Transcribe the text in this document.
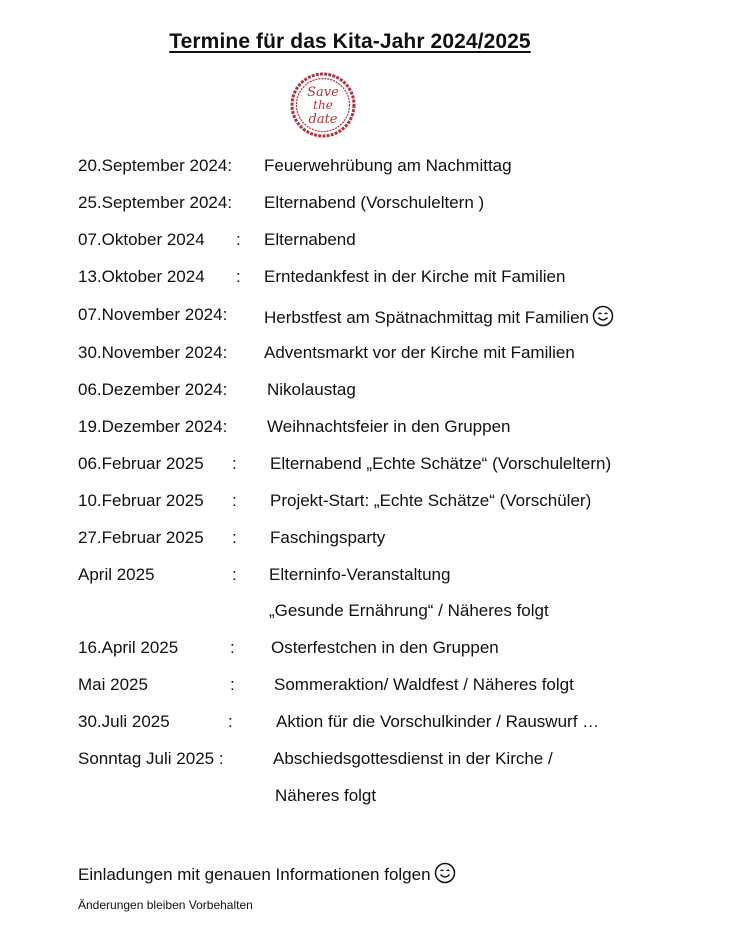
Termine für das Kita-Jahr 2024/2025
Save
the
date
20.September 2024: Feuerwehrübung am Nachmittag
25.September 2024: Elternabend (Vorschuleltern )
07.Oktober 2024 : Elternabend
13.Oktober 2024 : Erntedankfest in der Kirche mit Familien
07.November 2024: Herbstfest am Spätnachmittag mit Familien
30.November 2024: Adventsmarkt vor der Kirche mit Familien
06.Dezember 2024: Nikolaustag
19.Dezember 2024: Weihnachtsfeier in den Gruppen
06.Februar 2025 : Elternabend „Echte Schätze“ (Vorschuleltern)
10.Februar 2025 : Projekt-Start: „Echte Schätze“ (Vorschüler)
27.Februar 2025 : Faschingsparty
April 2025	: Elterninfo-Veranstaltung
„Gesunde Ernährung“ / Näheres folgt
16.April 2025	: Osterfestchen in den Gruppen
Mai 2025	: Sommeraktion/ Waldfest / Näheres folgt
30.Juli 2025	:	Aktion für die Vorschulkinder / Rauswurf …
Sonntag Juli 2025 :	Abschiedsgottesdienst in der Kirche /
Näheres folgt
Einladungen mit genauen Informationen folgen
Änderungen bleiben Vorbehalten
